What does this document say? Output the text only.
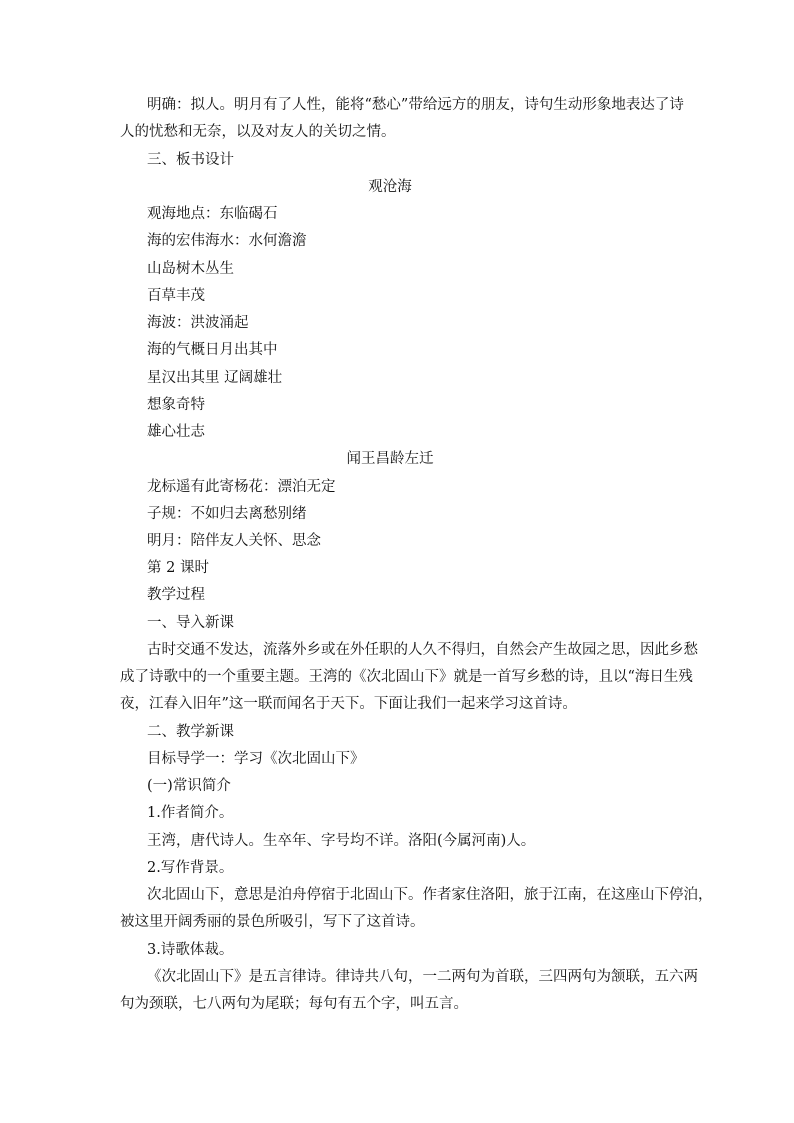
明确：拟人。明月有了人性，能将“愁心”带给远方的朋友，诗句生动形象地表达了诗
人的忧愁和无奈，以及对友人的关切之情。
三、板书设计
观沧海
观海地点：东临碣石
海的宏伟海水：水何澹澹
山岛树木丛生
百草丰茂
海波：洪波涌起
海的气概日月出其中
星汉出其里 辽阔雄壮
想象奇特
雄心壮志
闻王昌龄左迁
龙标遥有此寄杨花：漂泊无定
子规：不如归去离愁别绪
明月：陪伴友人关怀、思念
第 2 课时
教学过程
一、导入新课
古时交通不发达，流落外乡或在外任职的人久不得归，自然会产生故园之思，因此乡愁
成了诗歌中的一个重要主题。王湾的《次北固山下》就是一首写乡愁的诗，且以“海日生残
夜，江春入旧年”这一联而闻名于天下。下面让我们一起来学习这首诗。
二、教学新课
目标导学一：学习《次北固山下》
(一)常识简介
1.作者简介。
王湾，唐代诗人。生卒年、字号均不详。洛阳(今属河南)人。
2.写作背景。
次北固山下，意思是泊舟停宿于北固山下。作者家住洛阳，旅于江南，在这座山下停泊，
被这里开阔秀丽的景色所吸引，写下了这首诗。
3.诗歌体裁。
《次北固山下》是五言律诗。律诗共八句，一二两句为首联，三四两句为颔联，五六两
句为颈联，七八两句为尾联；每句有五个字，叫五言。
